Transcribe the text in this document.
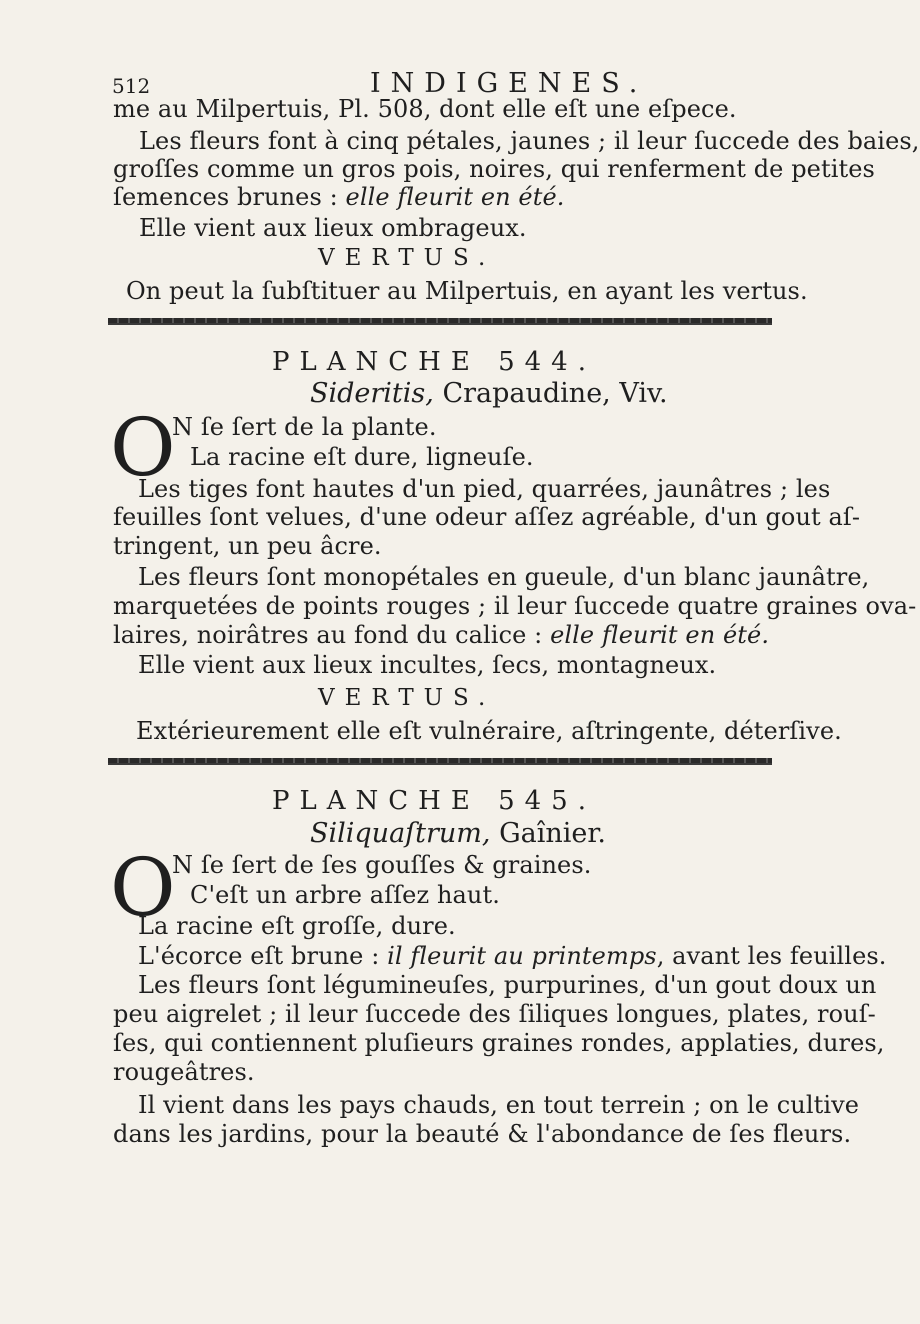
512	INDIGENES.
me au Milpertuis, Pl. 508, dont elle eſt une eſpece.
Les fleurs font à cinq pétales, jaunes ; il leur ſuccede des baies,
groſſes comme un gros pois, noires, qui renferment de petites
ſemences brunes : elle fleurit en été.
Elle vient aux lieux ombrageux.
VERTUS.
On peut la ſubſtituer au Milpertuis, en ayant les vertus.
PLANCHE 544.
Sideritis, Crapaudine, Viv.
O
N ſe ſert de la plante.
La racine eſt dure, ligneuſe.
Les tiges font hautes d'un pied, quarrées, jaunâtres ; les
feuilles ſont velues, d'une odeur aſſez agréable, d'un gout aſ-
tringent, un peu âcre.
Les fleurs ſont monopétales en gueule, d'un blanc jaunâtre,
marquetées de points rouges ; il leur ſuccede quatre graines ova-
laires, noirâtres au fond du calice : elle fleurit en été.
Elle vient aux lieux incultes, ſecs, montagneux.
VERTUS.
Extérieurement elle eſt vulnéraire, aſtringente, déterſive.
PLANCHE 545.
Siliquaſtrum, Gaînier.
O
N ſe ſert de ſes gouſſes & graines.
C'eſt un arbre aſſez haut.
La racine eſt groſſe, dure.
L'écorce eſt brune : il fleurit au printemps, avant les feuilles.
Les fleurs ſont légumineuſes, purpurines, d'un gout doux un
peu aigrelet ; il leur ſuccede des ſiliques longues, plates, rouſ-
ſes, qui contiennent pluſieurs graines rondes, applaties, dures,
rougeâtres.
Il vient dans les pays chauds, en tout terrein ; on le cultive
dans les jardins, pour la beauté & l'abondance de ſes fleurs.
